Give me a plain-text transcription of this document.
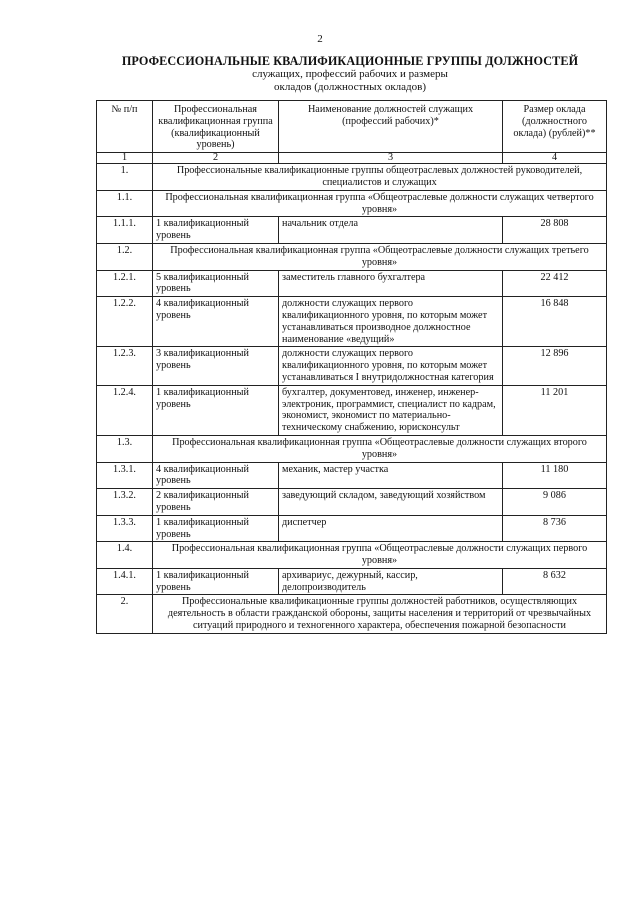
2
ПРОФЕССИОНАЛЬНЫЕ КВАЛИФИКАЦИОННЫЕ ГРУППЫ ДОЛЖНОСТЕЙ
служащих, профессий рабочих и размеры
окладов (должностных окладов)
№ п/п	Профессиональная квалификационная группа (квалификационный уровень)	Наименование должностей служащих (профессий рабочих)*	Размер оклада (должностного оклада) (рублей)**
1	2	3	4
1.	Профессиональные квалификационные группы общеотраслевых должностей руководителей, специалистов и служащих		
1.1.	Профессиональная квалификационная группа «Общеотраслевые должности служащих четвертого уровня»		
1.1.1.	1 квалификационный уровень	начальник отдела	28 808
1.2.	Профессиональная квалификационная группа «Общеотраслевые должности служащих третьего уровня»		
1.2.1.	5 квалификационный уровень	заместитель главного бухгалтера	22 412
1.2.2.	4 квалификационный уровень	должности служащих первого квалификационного уровня, по которым может устанавливаться производное должностное наименование «ведущий»	16 848
1.2.3.	3 квалификационный уровень	должности служащих первого квалификационного уровня, по которым может устанавливаться I внутридолжностная категория	12 896
1.2.4.	1 квалификационный уровень	бухгалтер, документовед, инженер, инженер-электроник, программист, специалист по кадрам, экономист, экономист по материально-техническому снабжению, юрисконсульт	11 201
1.3.	Профессиональная квалификационная группа «Общеотраслевые должности служащих второго уровня»		
1.3.1.	4 квалификационный уровень	механик, мастер участка	11 180
1.3.2.	2 квалификационный уровень	заведующий складом, заведующий хозяйством	9 086
1.3.3.	1 квалификационный уровень	диспетчер	8 736
1.4.	Профессиональная квалификационная группа «Общеотраслевые должности служащих первого уровня»		
1.4.1.	1 квалификационный уровень	архивариус, дежурный, кассир, делопроизводитель	8 632
2.	Профессиональные квалификационные группы должностей работников, осуществляющих деятельность в области гражданской обороны, защиты населения и территорий от чрезвычайных ситуаций природного и техногенного характера, обеспечения пожарной безопасности		
